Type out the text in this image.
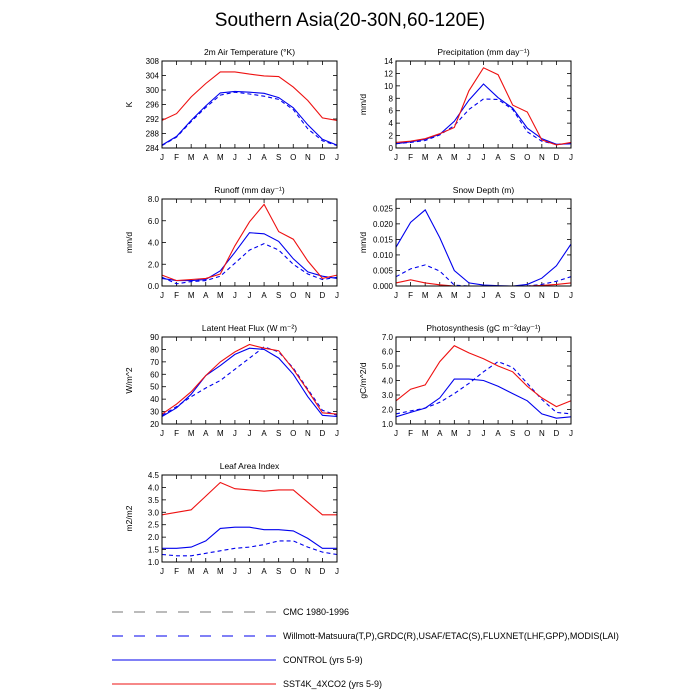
Southern Asia(20-30N,60-120E)
2m Air Temperature (°K)
K
284
288
292
296
300
304
308
J F M A M J J A S O N D J
Precipitation (mm day⁻¹)
mm/d
0
2
4
6
8
10
12
14
J F M A M J J A S O N D J
Runoff (mm day⁻¹)
mm/d
0.0
2.0
4.0
6.0
8.0
J F M A M J J A S O N D J
Snow Depth (m)
mm/d
0.000
0.005
0.010
0.015
0.020
0.025
J F M A M J J A S O N D J
Latent Heat Flux (W m⁻²)
W/m^2
20
30
40
50
60
70
80
90
J F M A M J J A S O N D J
Photosynthesis (gC m⁻²day⁻¹)
gC/m^2/d
1.0
2.0
3.0
4.0
5.0
6.0
7.0
J F M A M J J A S O N D J
Leaf Area Index
m2/m2
1.0
1.5
2.0
2.5
3.0
3.5
4.0
4.5
J F M A M J J A S O N D J
CMC 1980-1996
Willmott-Matsuura(T,P),GRDC(R),USAF/ETAC(S),FLUXNET(LHF,GPP),MODIS(LAI)
CONTROL (yrs 5-9)
SST4K_4XCO2 (yrs 5-9)
